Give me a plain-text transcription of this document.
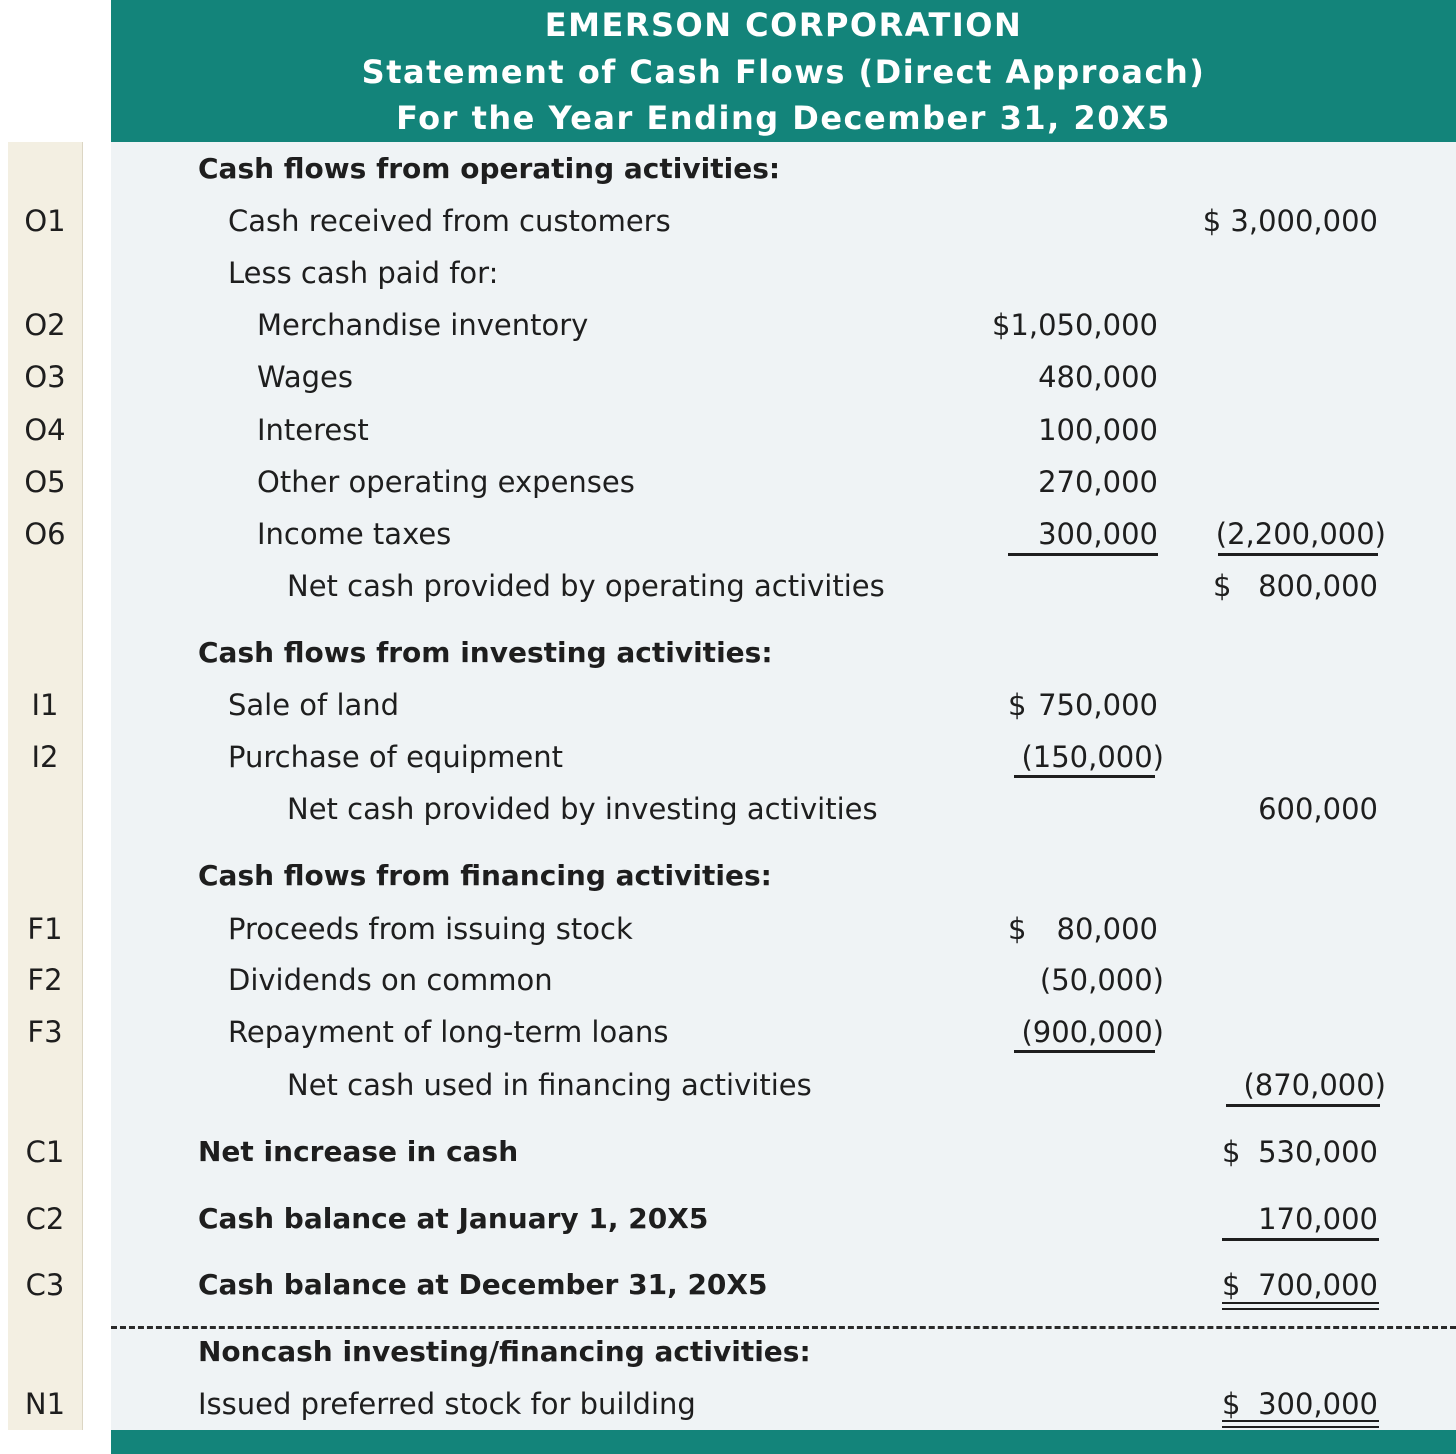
EMERSON CORPORATION
Statement of Cash Flows (Direct Approach)
For the Year Ending December 31, 20X5
Cash flows from operating activities:
O1	Cash received from customers	$ 3,000,000
Less cash paid for:
O2	Merchandise inventory	$1,050,000
O3	Wages	480,000
O4	Interest	100,000
O5	Other operating expenses	270,000
O6	Income taxes	300,000 (2,200,000)
Net cash provided by operating activities	$ 800,000
Cash flows from investing activities:
I1	Sale of land	$ 750,000
I2	Purchase of equipment	(150,000)
Net cash provided by investing activities	600,000
Cash flows from financing activities:
F1	Proceeds from issuing stock	$ 80,000
F2	Dividends on common	(50,000)
F3	Repayment of long-term loans	(900,000)
Net cash used in financing activities	(870,000)
C1	Net increase in cash	$ 530,000
C2	Cash balance at January 1, 20X5	170,000
C3	Cash balance at December 31, 20X5	$ 700,000
Noncash investing/financing activities:
N1	Issued preferred stock for building	$ 300,000
